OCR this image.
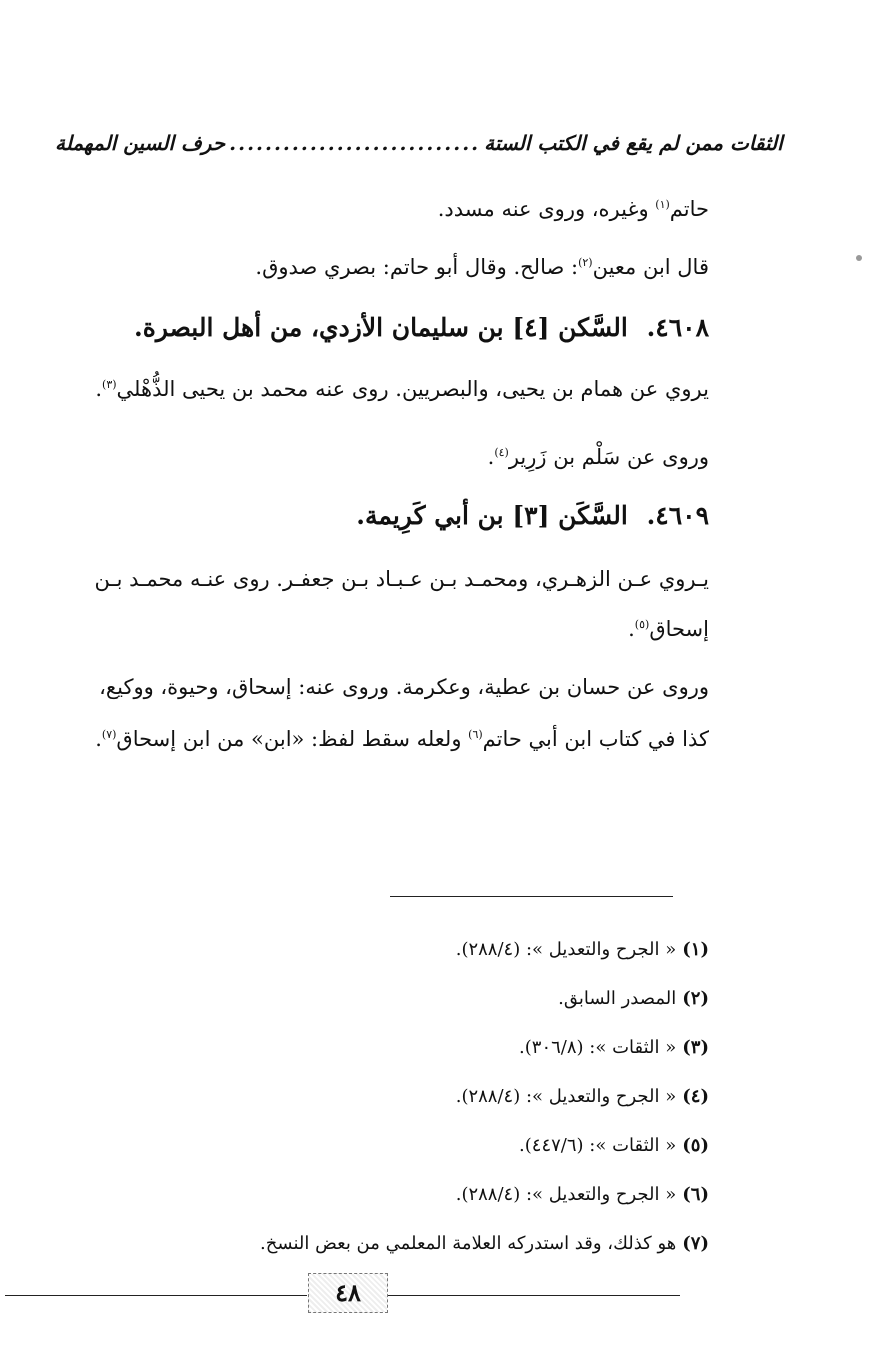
حرف السين المهملة ............................ الثقات ممن لم يقع في الكتب الستة
حاتم$^{(١)}$ وغيره، وروى عنه مسدد.
قال ابن معين$^{(٢)}$: صالح. وقال أبو حاتم: بصري صدوق.
٤٦٠٨. السَّكن [٤] بن سليمان الأزدي، من أهل البصرة.
يروي عن همام بن يحيى، والبصريين. روى عنه محمد بن يحيى الذُّهْلي$^{(٣)}$.
وروى عن سَلْم بن زَرِير$^{(٤)}$.
٤٦٠٩. السَّكَن [٣] بن أبي كَرِيمة.
يـروي عـن الزهـري، ومحمـد بـن عـبـاد بـن جعفـر. روى عنـه محمـد بـن
إسحاق$^{(٥)}$.
وروى عن حسان بن عطية، وعكرمة. وروى عنه: إسحاق، وحيوة، ووكيع،
كذا في كتاب ابن أبي حاتم$^{(٦)}$ ولعله سقط لفظ: «ابن» من ابن إسحاق$^{(٧)}$.
(١)« الجرح والتعديل »: (٢٨٨/٤).
(٢)المصدر السابق.
(٣)« الثقات »: (٣٠٦/٨).
(٤)« الجرح والتعديل »: (٢٨٨/٤).
(٥)« الثقات »: (٤٤٧/٦).
(٦)« الجرح والتعديل »: (٢٨٨/٤).
(٧)هو كذلك، وقد استدركه العلامة المعلمي من بعض النسخ.
٤٨
